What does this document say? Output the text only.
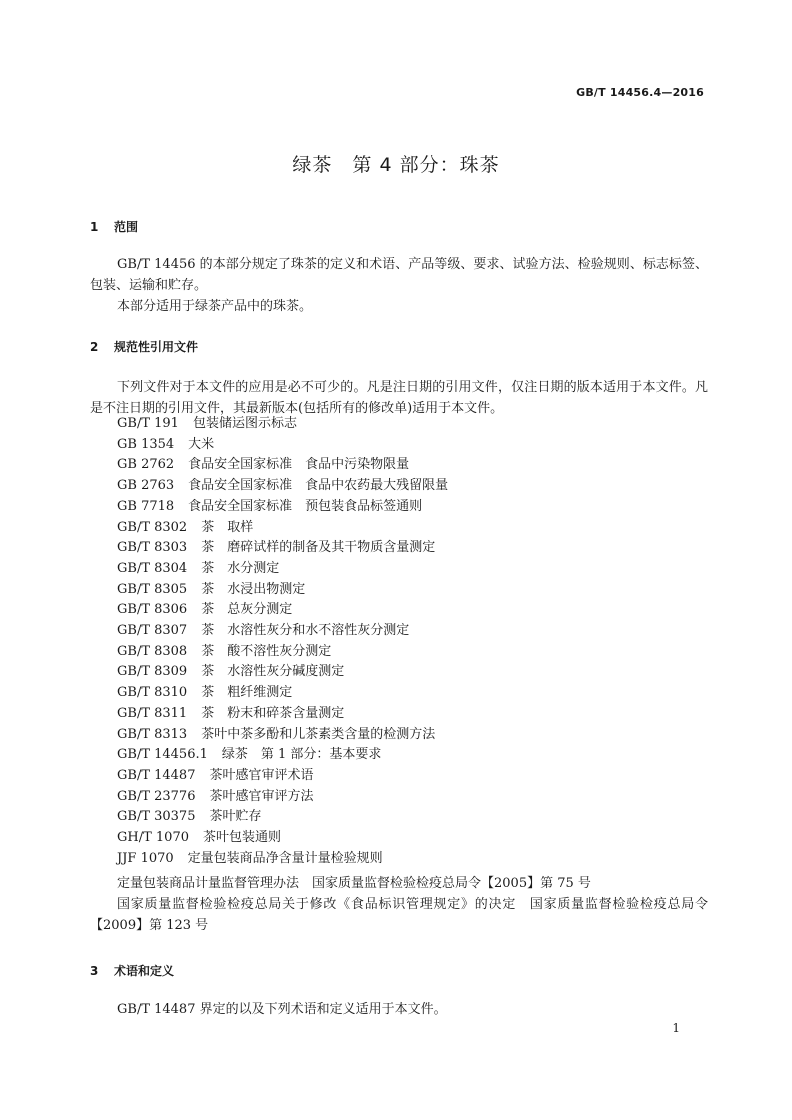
GB/T 14456.4—2016
绿茶　第 4 部分：珠茶
1 范围
GB/T 14456 的本部分规定了珠茶的定义和术语、产品等级、要求、试验方法、检验规则、标志标签、包装、运输和贮存。
本部分适用于绿茶产品中的珠茶。
2 规范性引用文件
下列文件对于本文件的应用是必不可少的。凡是注日期的引用文件，仅注日期的版本适用于本文件。凡是不注日期的引用文件，其最新版本(包括所有的修改单)适用于本文件。
GB/T 191 包装储运图示标志
GB 1354 大米
GB 2762 食品安全国家标准　食品中污染物限量
GB 2763 食品安全国家标准　食品中农药最大残留限量
GB 7718 食品安全国家标准　预包装食品标签通则
GB/T 8302 茶　取样
GB/T 8303 茶　磨碎试样的制备及其干物质含量测定
GB/T 8304 茶　水分测定
GB/T 8305 茶　水浸出物测定
GB/T 8306 茶　总灰分测定
GB/T 8307 茶　水溶性灰分和水不溶性灰分测定
GB/T 8308 茶　酸不溶性灰分测定
GB/T 8309 茶　水溶性灰分碱度测定
GB/T 8310 茶　粗纤维测定
GB/T 8311 茶　粉末和碎茶含量测定
GB/T 8313 茶叶中茶多酚和儿茶素类含量的检测方法
GB/T 14456.1 绿茶　第 1 部分：基本要求
GB/T 14487 茶叶感官审评术语
GB/T 23776 茶叶感官审评方法
GB/T 30375 茶叶贮存
GH/T 1070 茶叶包装通则
JJF 1070 定量包装商品净含量计量检验规则
定量包装商品计量监督管理办法　国家质量监督检验检疫总局令【2005】第 75 号
国家质量监督检验检疫总局关于修改《食品标识管理规定》的决定　国家质量监督检验检疫总局令【2009】第 123 号
3 术语和定义
GB/T 14487 界定的以及下列术语和定义适用于本文件。
1
